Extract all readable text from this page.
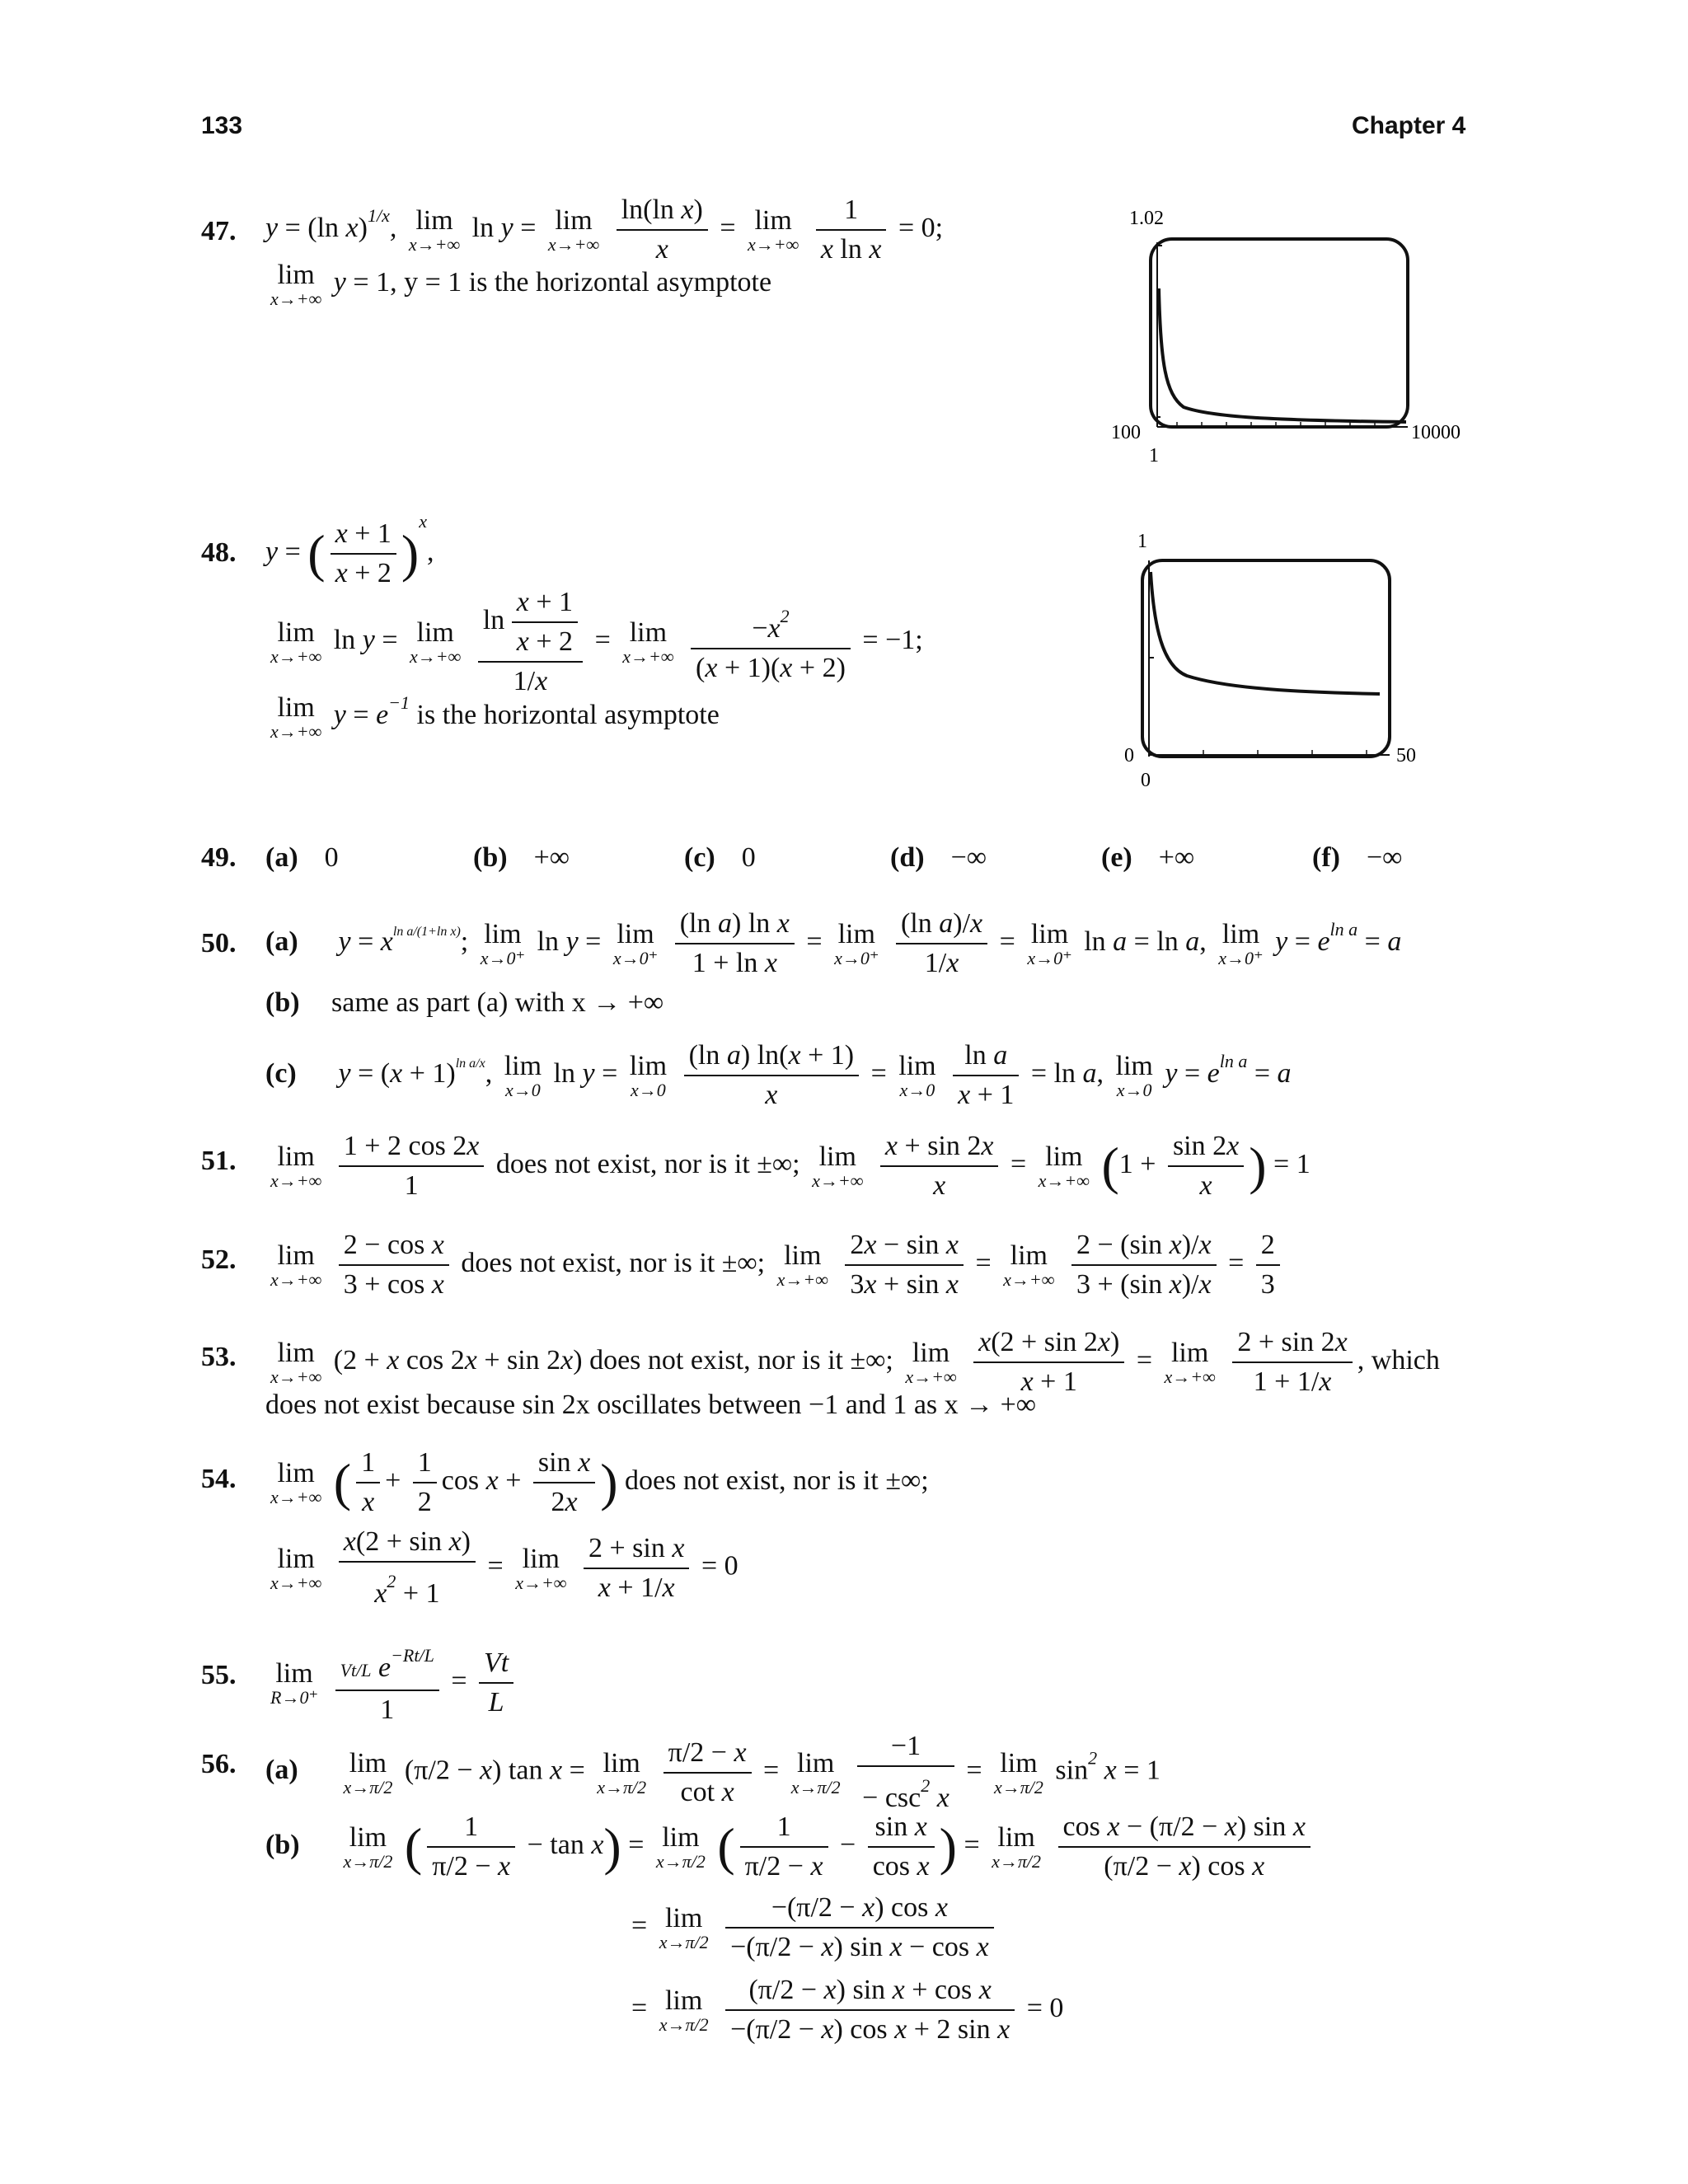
133	Chapter 4
47. y = (ln x)$^{1/x}$, lim
x→+∞
ln y = lim
x→+∞
$\frac{\text{ln(ln x)}}{x} = \lim$
x→+∞
$\frac{1}{\text{x ln x}} = 0$;
lim
x→+∞
y = 1, y = 1 is the horizontal asymptote
1.02
100
1
10000
48. y = ( $\frac{x + 1}{x + 2} )^x$,
lim
x→+∞
ln y = lim
x→+∞
$\frac{\ln \frac{x + 1}{x + 2}}{1/x} = \lim$
x→+∞
$\frac{-x^2}{(x + 1)(x + 2)} = -1$;
lim
x→+∞
$y = e^{-1}$ is the horizontal asymptote
1
0
0
50
49. (a) 0	(b) +∞	(c) 0	(d) −∞	(e) +∞	(f) −∞
50. (a) $y = x^{ln a/(1+ln x)}$; lim
x→0⁺
ln y = lim
x→0⁺
$\frac{\text{(ln a) ln x}}{\text{1 + ln x}} = \lim$
x→0⁺
$\frac{\text{(ln a)/x}}{1/x} = \lim$
x→0⁺
ln a = ln a, lim
x→0⁺
$y = e^{ln a} = a$
(b) same as part (a) with x → +∞
(c) $y = (x + 1)^{ln a/x}$, lim
x→0
ln y = lim
x→0
$\frac{\text{(ln a) ln(x + 1)}}{x} = \lim$
x→0
$\frac{\text{ln a}}{x + 1} = \ln a$, lim
x→0
$y = e^{ln a} = a$
51. lim
x→+∞
$\frac{1 + 2 \cos 2x}{1}$ does not exist, nor is it ±∞; lim
x→+∞
$\frac{x + \sin 2x}{x} = \lim$
x→+∞ ($1 + \frac{\sin 2x}{x}$ ) = 1
52. lim
x→+∞
$\frac{\text{2 − cos x}}{\text{3 + cos x}}$ does not exist, nor is it ±∞; lim
x→+∞
$\frac{\text{2x − sin x}}{\text{3x + sin x}} = \lim$
x→+∞
$\frac{\text{2 − (sin x)/x}}{\text{3 + (sin x)/x}} = \frac{2}{3}$
53. lim
x→+∞
(2 + x cos 2x + sin 2x) does not exist, nor is it ±∞; lim
x→+∞
$\frac{x(2 + \sin 2x)}{x + 1} = \lim$
x→+∞
$\frac{2 + \sin 2x}{1 + 1/x}$ , which
does not exist because sin 2x oscillates between −1 and 1 as x → +∞
54. lim
x→+∞ ( $\frac{1}{x} + \frac{1}{2}$ $\cos x + \frac{\text{sin x}}{2x}$ ) does not exist, nor is it ±∞;
lim
x→+∞
$\frac{\text{x(2 + sin x)}}{x^2 + 1} = \lim$
x→+∞
$\frac{\text{2 + sin x}}{x + 1/x} = 0$
55. lim
R→0⁺
$\frac{Vt/L e^{-Rt/L}}{1} = \frac{Vt}{L}$
56. (a) lim
x→π/2
(π/2 − x) tan x = lim
x→π/2
$\frac{\pi/2 - x}{\text{cot x}} = \lim$
x→π/2
$\frac{-1}{- \csc^2 x} = \lim$
x→π/2
$\sin^2 x = 1$
(b) lim
x→π/2 ( $\frac{1}{\pi/2 - x} - \tan x) = \lim$
x→π/2 ( $\frac{1}{\pi/2 - x} - \frac{\text{sin x}}{\text{cos x}}$ ) = lim
x→π/2
$\frac{\text{cos x − (π/2 − x) sin x}}{\text{(π/2 − x) cos x}}$
= lim
x→π/2
$\frac{\text{−(π/2 − x) cos x}}{\text{−(π/2 − x) sin x − cos x}}$
= lim
x→π/2
$\frac{\text{(π/2 − x) sin x + cos x}}{\text{−(π/2 − x) cos x + 2 sin x}} = 0$
